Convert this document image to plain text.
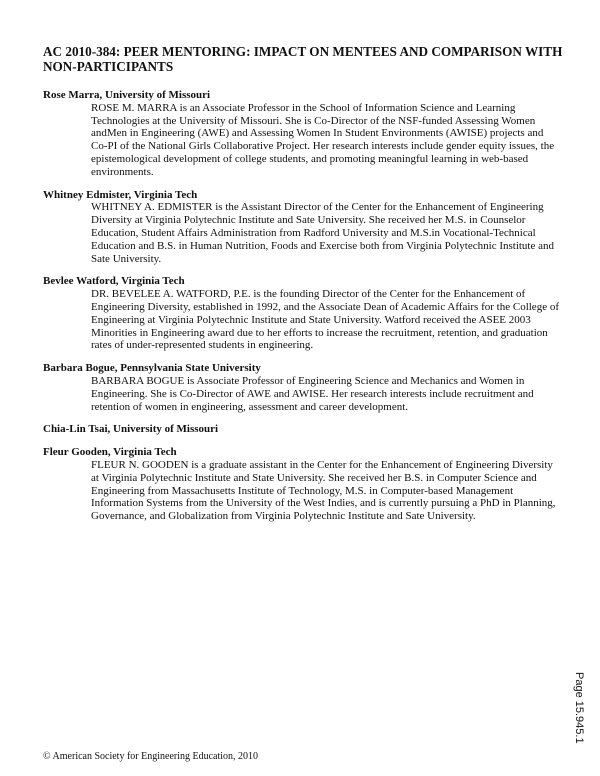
AC 2010-384: PEER MENTORING: IMPACT ON MENTEES AND COMPARISON WITH NON-PARTICIPANTS

Rose Marra, University of Missouri

ROSE M. MARRA is an Associate Professor in the School of Information Science and Learning Technologies at the University of Missouri. She is Co-Director of the NSF-funded Assessing Women andMen in Engineering (AWE) and Assessing Women In Student Environments (AWISE) projects and Co-PI of the National Girls Collaborative Project. Her research interests include gender equity issues, the epistemological development of college students, and promoting meaningful learning in web-based environments.

Whitney Edmister, Virginia Tech

WHITNEY A. EDMISTER is the Assistant Director of the Center for the Enhancement of Engineering Diversity at Virginia Polytechnic Institute and Sate University. She received her M.S. in Counselor Education, Student Affairs Administration from Radford University and M.S.in Vocational-Technical Education and B.S. in Human Nutrition, Foods and Exercise both from Virginia Polytechnic Institute and Sate University.

Bevlee Watford, Virginia Tech

DR. BEVELEE A. WATFORD, P.E. is the founding Director of the Center for the Enhancement of Engineering Diversity, established in 1992, and the Associate Dean of Academic Affairs for the College of Engineering at Virginia Polytechnic Institute and State University. Watford received the ASEE 2003 Minorities in Engineering award due to her efforts to increase the recruitment, retention, and graduation rates of under-represented students in engineering.

Barbara Bogue, Pennsylvania State University

BARBARA BOGUE is Associate Professor of Engineering Science and Mechanics and Women in Engineering. She is Co-Director of AWE and AWISE. Her research interests include recruitment and retention of women in engineering, assessment and career development.

Chia-Lin Tsai, University of Missouri

Fleur Gooden, Virginia Tech

FLEUR N. GOODEN is a graduate assistant in the Center for the Enhancement of Engineering Diversity at Virginia Polytechnic Institute and State University. She received her B.S. in Computer Science and Engineering from Massachusetts Institute of Technology, M.S. in Computer-based Management Information Systems from the University of the West Indies, and is currently pursuing a PhD in Planning, Governance, and Globalization from Virginia Polytechnic Institute and Sate University.

Page 15.945.1

© American Society for Engineering Education, 2010
